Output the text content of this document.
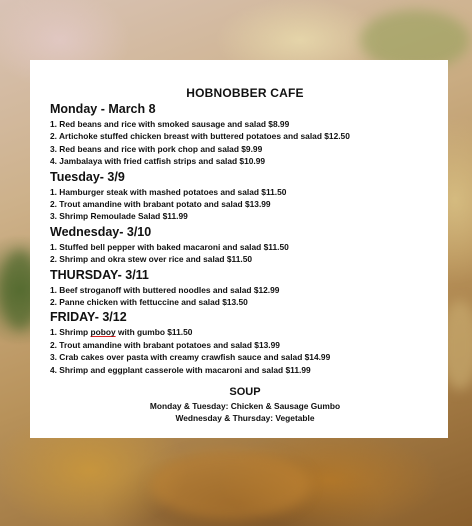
HOBNOBBER CAFE
Monday - March 8
1. Red beans and rice with smoked sausage and salad $8.99
2. Artichoke stuffed chicken breast with buttered potatoes and salad $12.50
3. Red beans and rice with pork chop and salad $9.99
4. Jambalaya with fried catfish strips and salad $10.99
Tuesday- 3/9
1. Hamburger steak with mashed potatoes and salad $11.50
2. Trout amandine with brabant potato and salad $13.99
3. Shrimp Remoulade Salad $11.99
Wednesday- 3/10
1. Stuffed bell pepper with baked macaroni and salad $11.50
2. Shrimp and okra stew over rice and salad $11.50
THURSDAY- 3/11
1. Beef stroganoff with buttered noodles and salad $12.99
2. Panne chicken with fettuccine and salad $13.50
FRIDAY- 3/12
1. Shrimp poboy with gumbo $11.50
2. Trout amandine with brabant potatoes and salad $13.99
3. Crab cakes over pasta with creamy crawfish sauce and salad $14.99
4. Shrimp and eggplant casserole with macaroni and salad $11.99
SOUP
Monday & Tuesday: Chicken & Sausage Gumbo
Wednesday & Thursday: Vegetable
